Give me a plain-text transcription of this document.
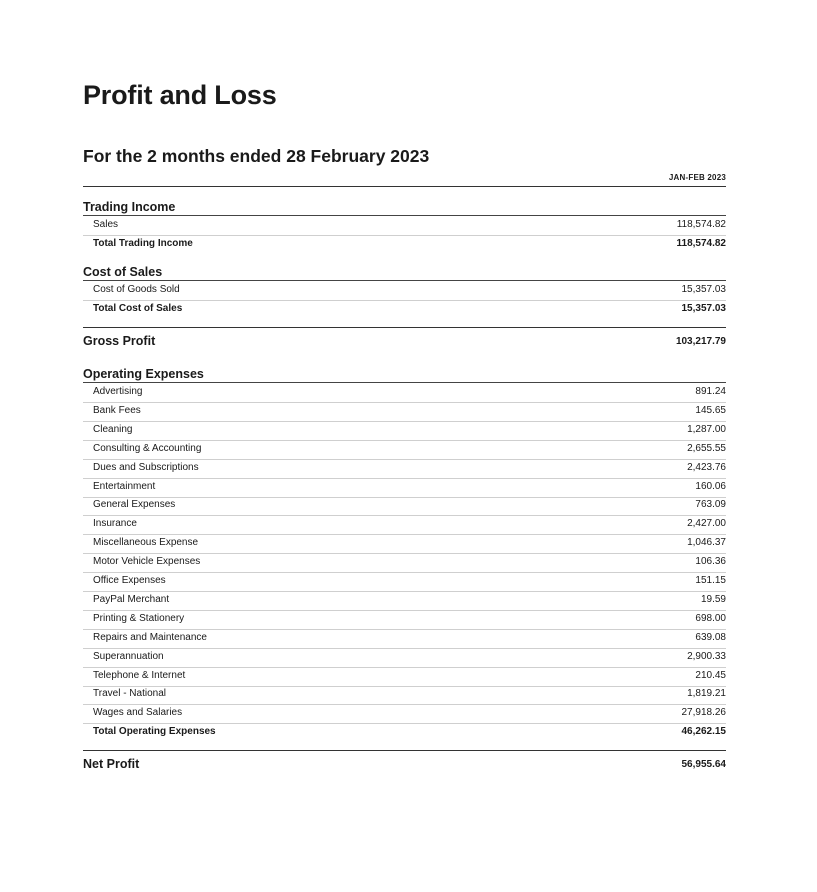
Profit and Loss
For the 2 months ended 28 February 2023
JAN-FEB 2023
Trading Income
Sales	118,574.82
Total Trading Income	118,574.82
Cost of Sales
Cost of Goods Sold	15,357.03
Total Cost of Sales	15,357.03
Gross Profit	103,217.79
Operating Expenses
Advertising	891.24
Bank Fees	145.65
Cleaning	1,287.00
Consulting & Accounting	2,655.55
Dues and Subscriptions	2,423.76
Entertainment	160.06
General Expenses	763.09
Insurance	2,427.00
Miscellaneous Expense	1,046.37
Motor Vehicle Expenses	106.36
Office Expenses	151.15
PayPal Merchant	19.59
Printing & Stationery	698.00
Repairs and Maintenance	639.08
Superannuation	2,900.33
Telephone & Internet	210.45
Travel - National	1,819.21
Wages and Salaries	27,918.26
Total Operating Expenses	46,262.15
Net Profit	56,955.64
